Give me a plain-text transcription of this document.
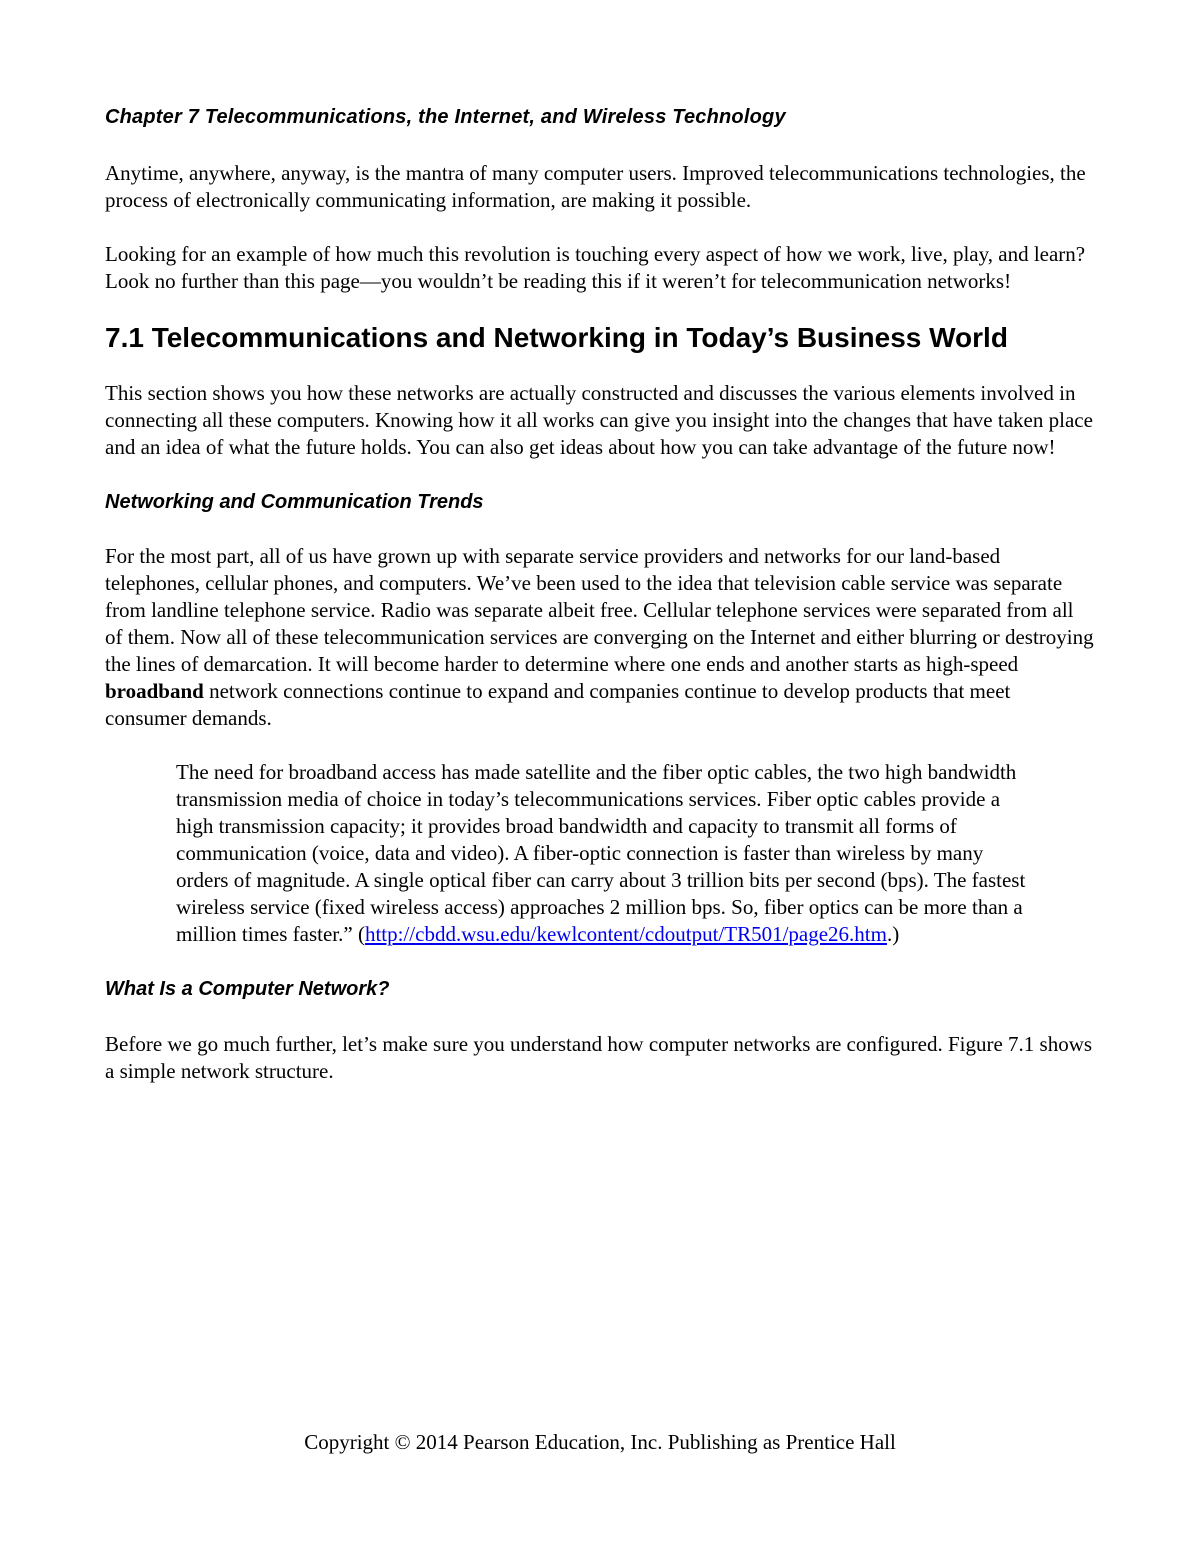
Chapter 7 Telecommunications, the Internet, and Wireless Technology

Anytime, anywhere, anyway, is the mantra of many computer users. Improved telecommunications technologies, the process of electronically communicating information, are making it possible.

Looking for an example of how much this revolution is touching every aspect of how we work, live, play, and learn? Look no further than this page—you wouldn’t be reading this if it weren’t for telecommunication networks!

7.1 Telecommunications and Networking in Today’s Business World

This section shows you how these networks are actually constructed and discusses the various elements involved in connecting all these computers. Knowing how it all works can give you insight into the changes that have taken place and an idea of what the future holds. You can also get ideas about how you can take advantage of the future now!

Networking and Communication Trends

For the most part, all of us have grown up with separate service providers and networks for our land-based telephones, cellular phones, and computers. We’ve been used to the idea that television cable service was separate from landline telephone service. Radio was separate albeit free. Cellular telephone services were separated from all of them. Now all of these telecommunication services are converging on the Internet and either blurring or destroying the lines of demarcation. It will become harder to determine where one ends and another starts as high-speed broadband network connections continue to expand and companies continue to develop products that meet consumer demands.

The need for broadband access has made satellite and the fiber optic cables, the two high bandwidth transmission media of choice in today’s telecommunications services. Fiber optic cables provide a high transmission capacity; it provides broad bandwidth and capacity to transmit all forms of communication (voice, data and video). A fiber-optic connection is faster than wireless by many orders of magnitude. A single optical fiber can carry about 3 trillion bits per second (bps). The fastest wireless service (fixed wireless access) approaches 2 million bps. So, fiber optics can be more than a million times faster.” (http://cbdd.wsu.edu/kewlcontent/cdoutput/TR501/page26.htm.)

What Is a Computer Network?

Before we go much further, let’s make sure you understand how computer networks are configured. Figure 7.1 shows a simple network structure.

Copyright © 2014 Pearson Education, Inc. Publishing as Prentice Hall
